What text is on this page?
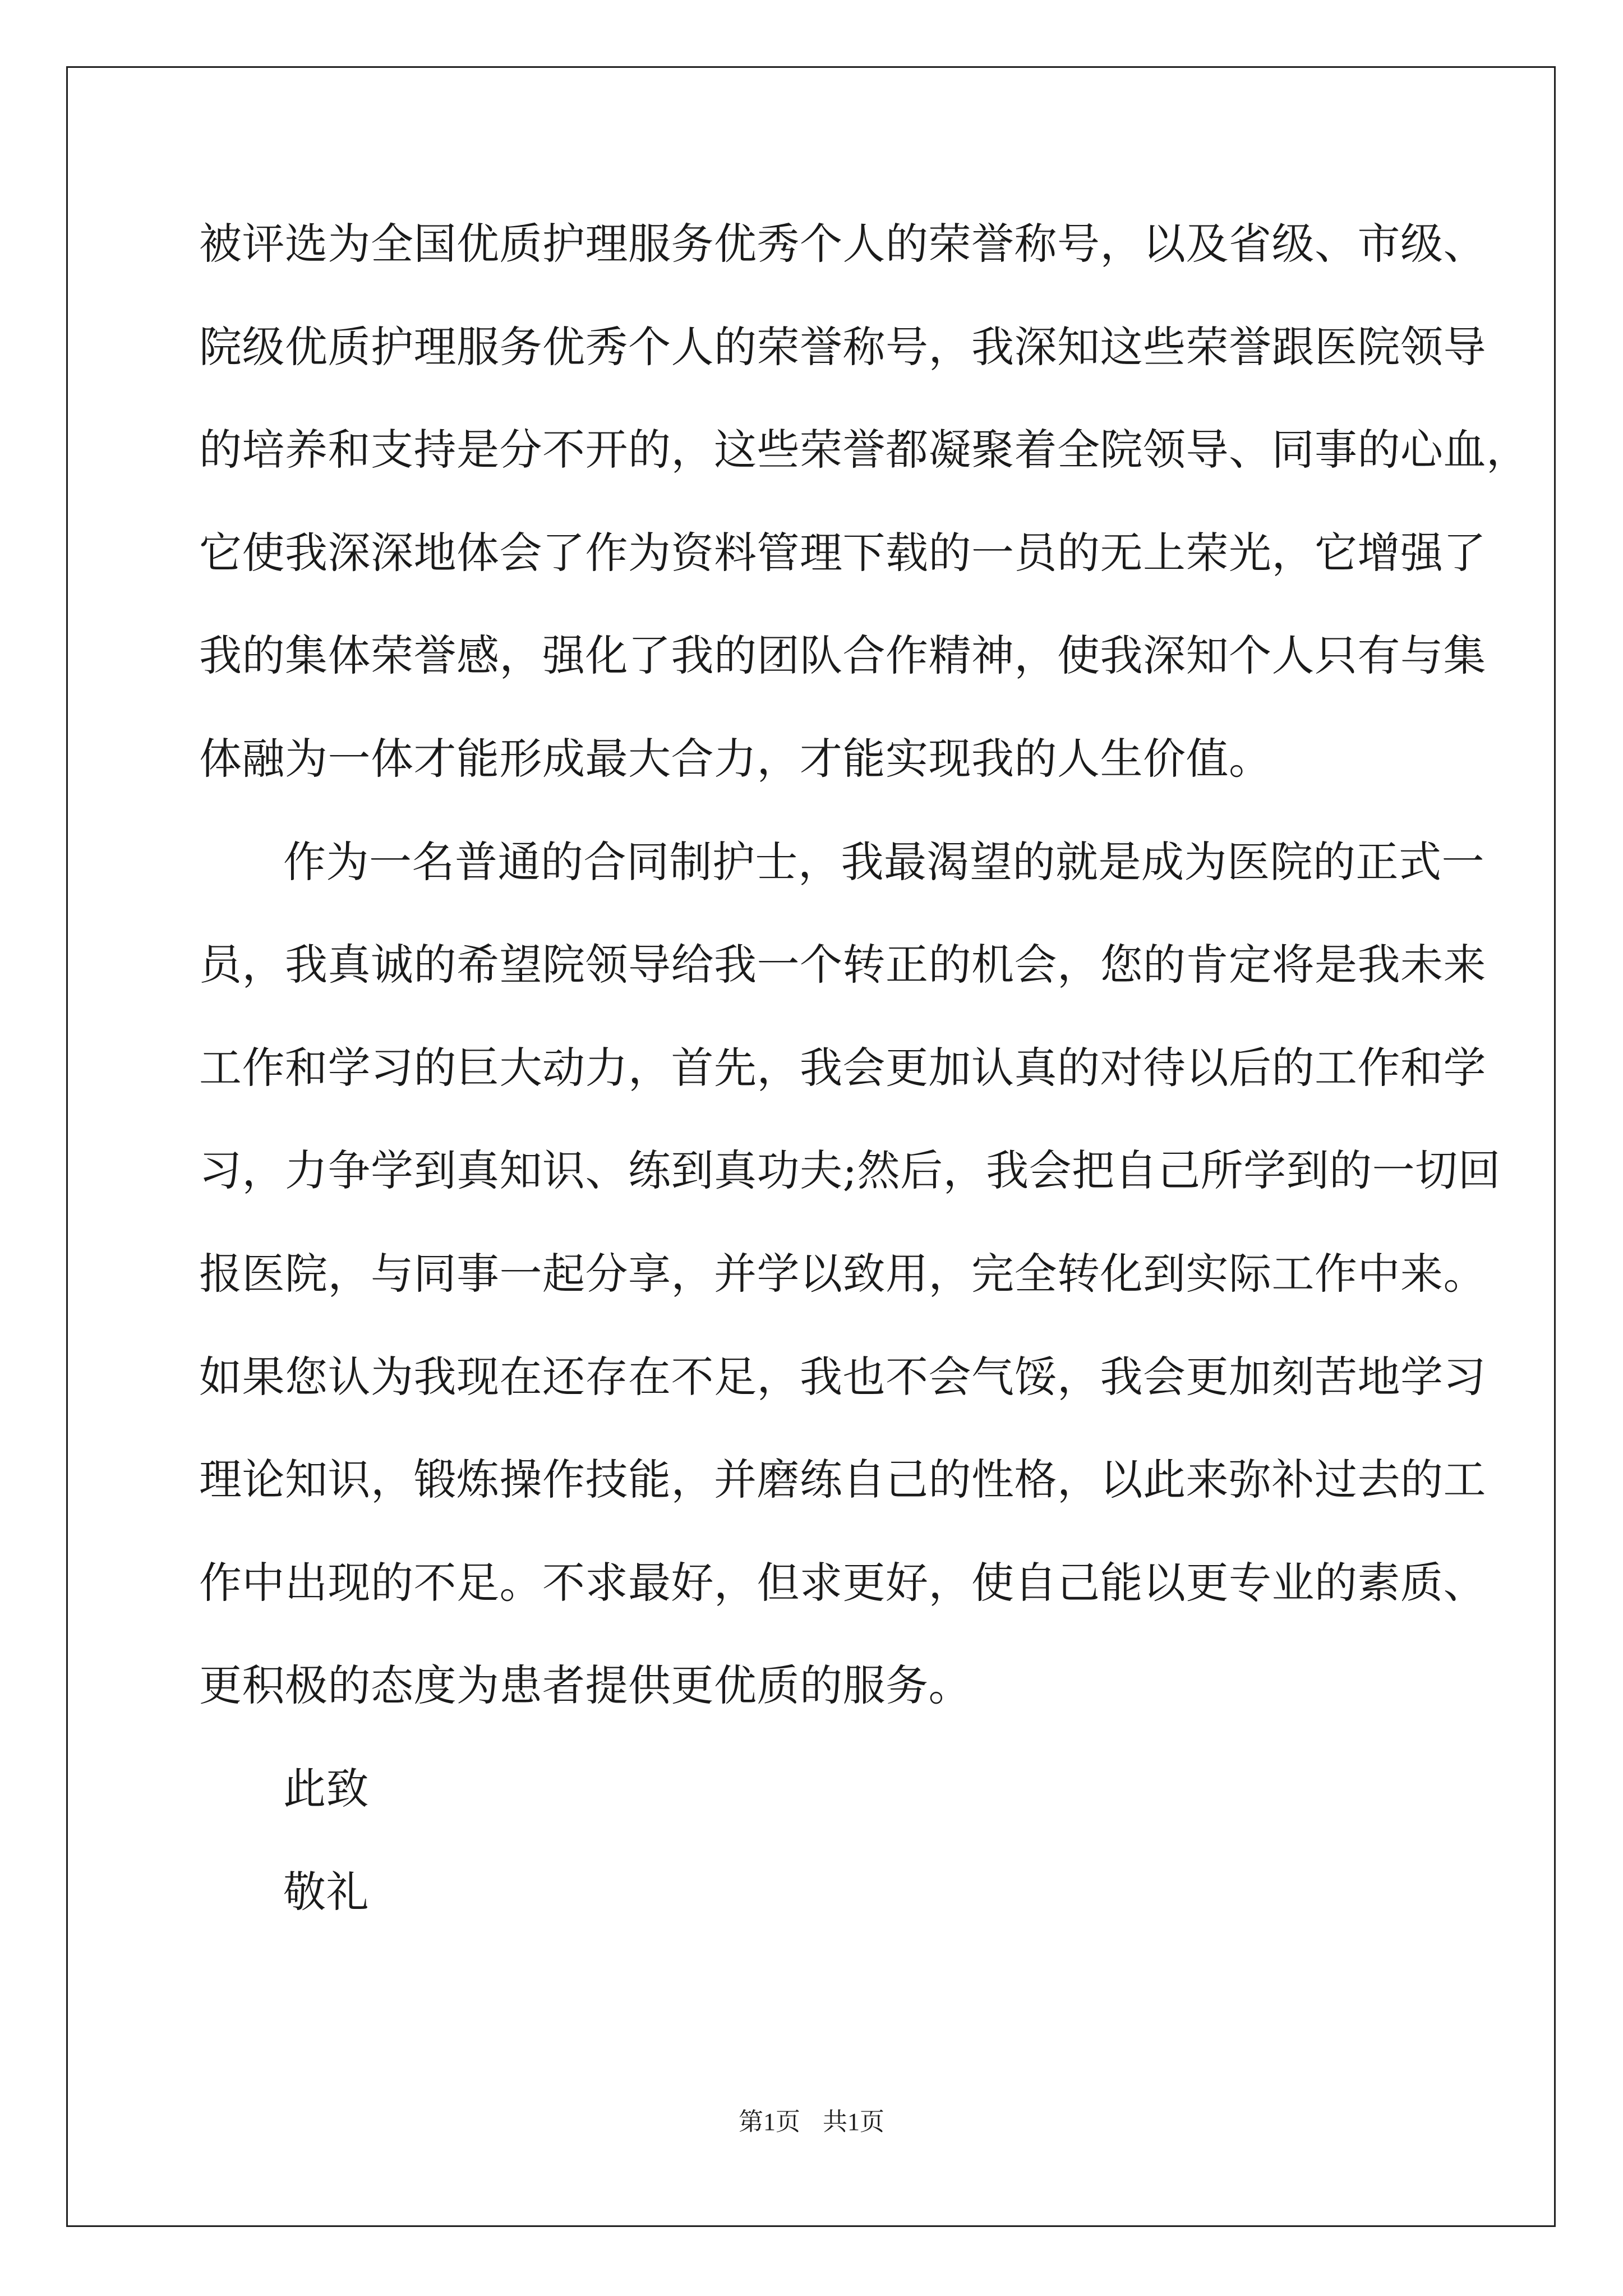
被评选为全国优质护理服务优秀个人的荣誉称号，以及省级、市级、
院级优质护理服务优秀个人的荣誉称号，我深知这些荣誉跟医院领导
的培养和支持是分不开的，这些荣誉都凝聚着全院领导、同事的心血，
它使我深深地体会了作为资料管理下载的一员的无上荣光，它增强了
我的集体荣誉感，强化了我的团队合作精神，使我深知个人只有与集
体融为一体才能形成最大合力，才能实现我的人生价值。
作为一名普通的合同制护士，我最渴望的就是成为医院的正式一
员，我真诚的希望院领导给我一个转正的机会，您的肯定将是我未来
工作和学习的巨大动力，首先，我会更加认真的对待以后的工作和学
习，力争学到真知识、练到真功夫;然后，我会把自己所学到的一切回
报医院，与同事一起分享，并学以致用，完全转化到实际工作中来。
如果您认为我现在还存在不足，我也不会气馁，我会更加刻苦地学习
理论知识，锻炼操作技能，并磨练自己的性格，以此来弥补过去的工
作中出现的不足。不求最好，但求更好，使自己能以更专业的素质、
更积极的态度为患者提供更优质的服务。
此致
敬礼
第1页 共1页
